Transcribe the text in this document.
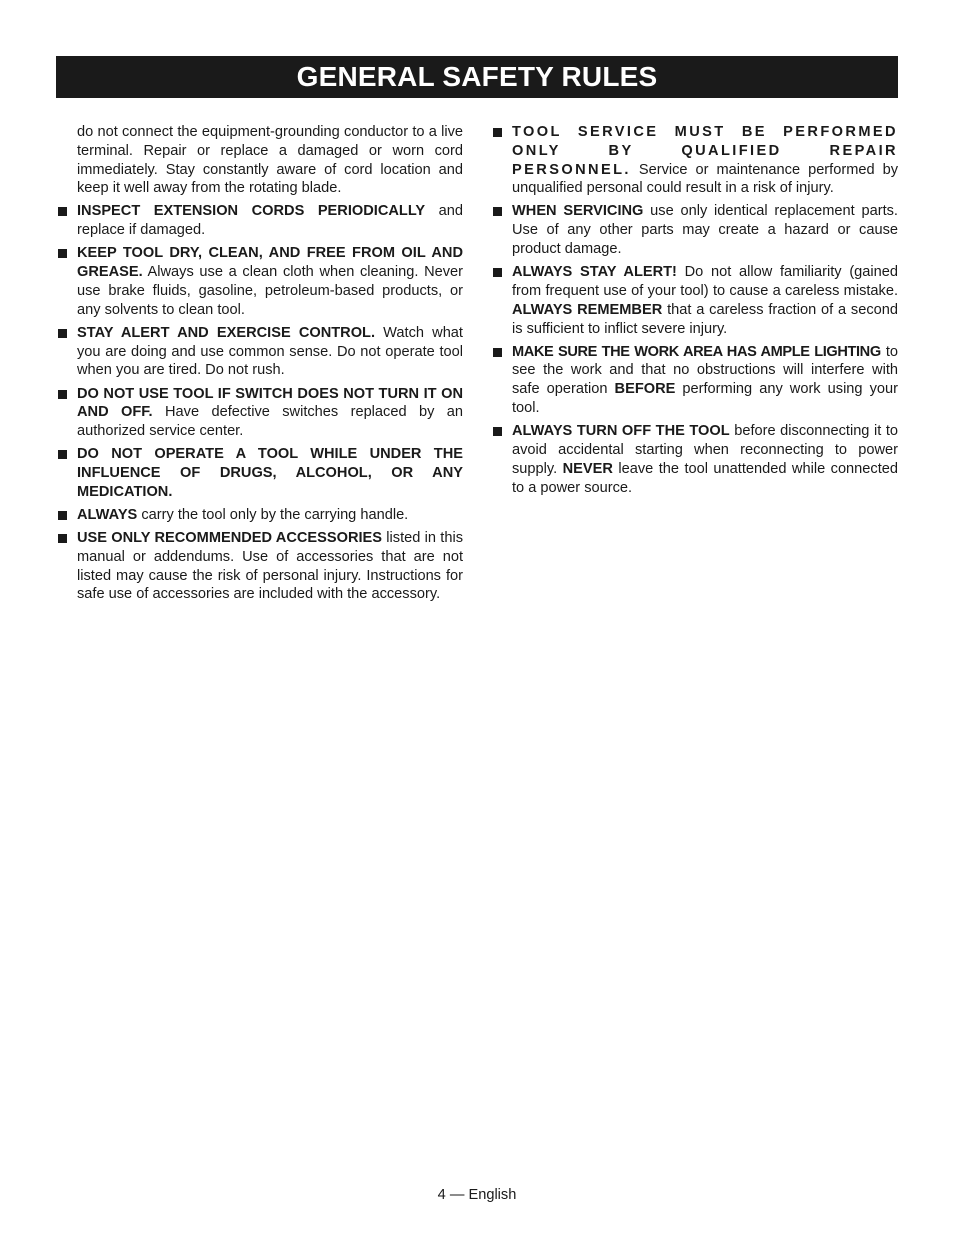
GENERAL SAFETY RULES
do not connect the equipment-grounding conductor to a live terminal. Repair or replace a damaged or worn cord immediately. Stay constantly aware of cord location and keep it well away from the rotating blade.
INSPECT EXTENSION CORDS PERIODICALLY and replace if damaged.
KEEP TOOL DRY, CLEAN, AND FREE FROM OIL AND GREASE. Always use a clean cloth when cleaning. Never use brake fluids, gasoline, petroleum-based products, or any solvents to clean tool.
STAY ALERT AND EXERCISE CONTROL. Watch what you are doing and use common sense. Do not operate tool when you are tired. Do not rush.
DO NOT USE TOOL IF SWITCH DOES NOT TURN IT ON AND OFF. Have defective switches replaced by an authorized service center.
DO NOT OPERATE A TOOL WHILE UNDER THE INFLUENCE OF DRUGS, ALCOHOL, OR ANY MEDICATION.
ALWAYS carry the tool only by the carrying handle.
USE ONLY RECOMMENDED ACCESSORIES listed in this manual or addendums. Use of accessories that are not listed may cause the risk of personal injury. Instructions for safe use of accessories are included with the accessory.
TOOL SERVICE MUST BE PERFORMED ONLY BY QUALIFIED REPAIR PERSONNEL. Service or maintenance performed by unqualified personal could result in a risk of injury.
WHEN SERVICING use only identical replacement parts. Use of any other parts may create a hazard or cause product damage.
ALWAYS STAY ALERT! Do not allow familiarity (gained from frequent use of your tool) to cause a careless mistake. ALWAYS REMEMBER that a careless fraction of a second is sufficient to inflict severe injury.
MAKE SURE THE WORK AREA HAS AMPLE LIGHTING to see the work and that no obstructions will interfere with safe operation BEFORE performing any work using your tool.
ALWAYS TURN OFF THE TOOL before disconnecting it to avoid accidental starting when reconnecting to power supply. NEVER leave the tool unattended while connected to a power source.
4 — English
